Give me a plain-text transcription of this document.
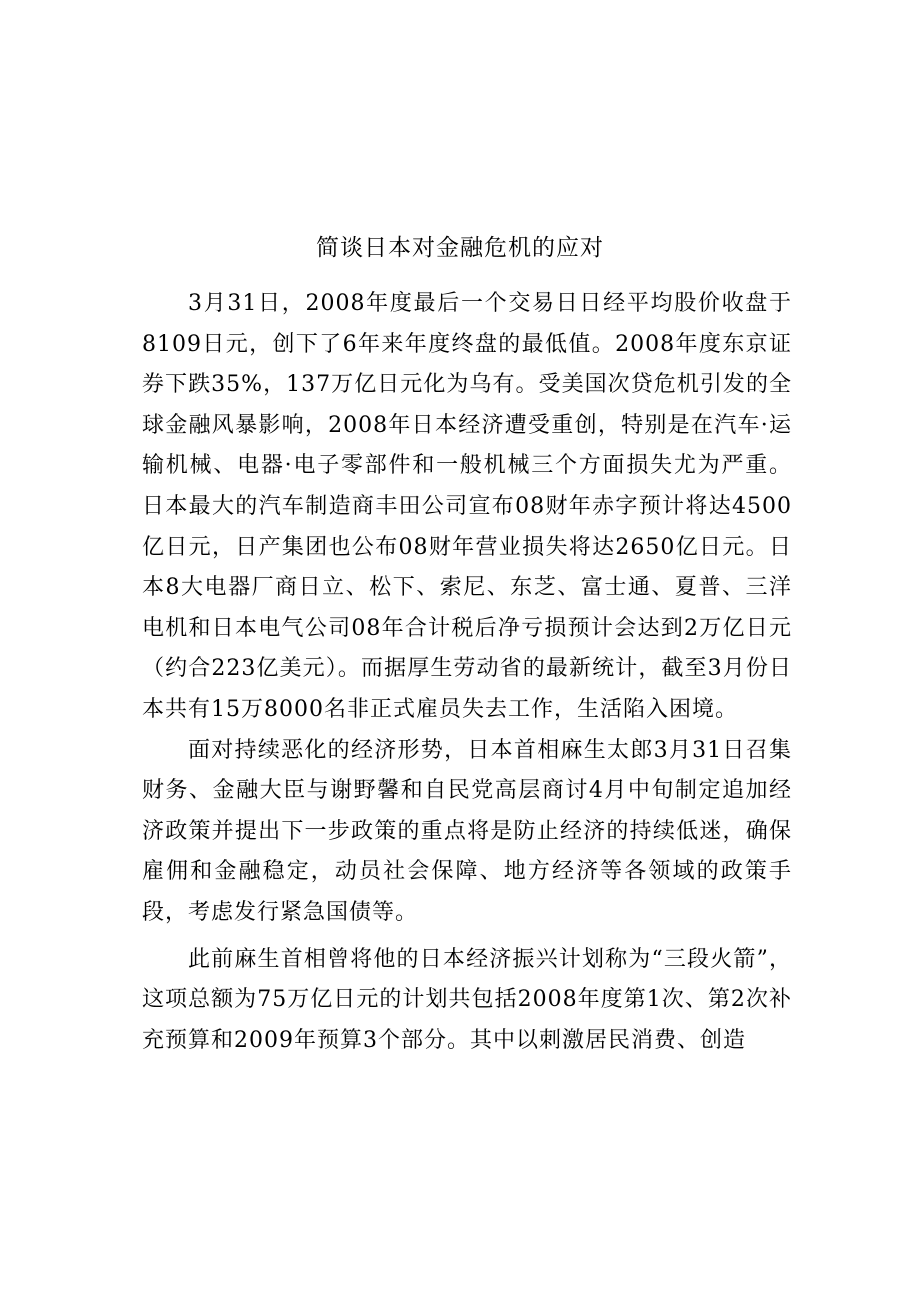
简谈日本对金融危机的应对

3月31日，2008年度最后一个交易日日经平均股价收盘于8109日元，创下了6年来年度终盘的最低值。2008年度东京证券下跌35%，137万亿日元化为乌有。受美国次贷危机引发的全球金融风暴影响，2008年日本经济遭受重创，特别是在汽车·运输机械、电器·电子零部件和一般机械三个方面损失尤为严重。日本最大的汽车制造商丰田公司宣布08财年赤字预计将达4500亿日元，日产集团也公布08财年营业损失将达2650亿日元。日本8大电器厂商日立、松下、索尼、东芝、富士通、夏普、三洋电机和日本电气公司08年合计税后净亏损预计会达到2万亿日元（约合223亿美元）。而据厚生劳动省的最新统计，截至3月份日本共有15万8000名非正式雇员失去工作，生活陷入困境。

面对持续恶化的经济形势，日本首相麻生太郎3月31日召集财务、金融大臣与谢野馨和自民党高层商讨4月中旬制定追加经济政策并提出下一步政策的重点将是防止经济的持续低迷，确保雇佣和金融稳定，动员社会保障、地方经济等各领域的政策手段，考虑发行紧急国债等。

此前麻生首相曾将他的日本经济振兴计划称为“三段火箭”，这项总额为75万亿日元的计划共包括2008年度第1次、第2次补充预算和2009年预算3个部分。其中以刺激居民消费、创造
